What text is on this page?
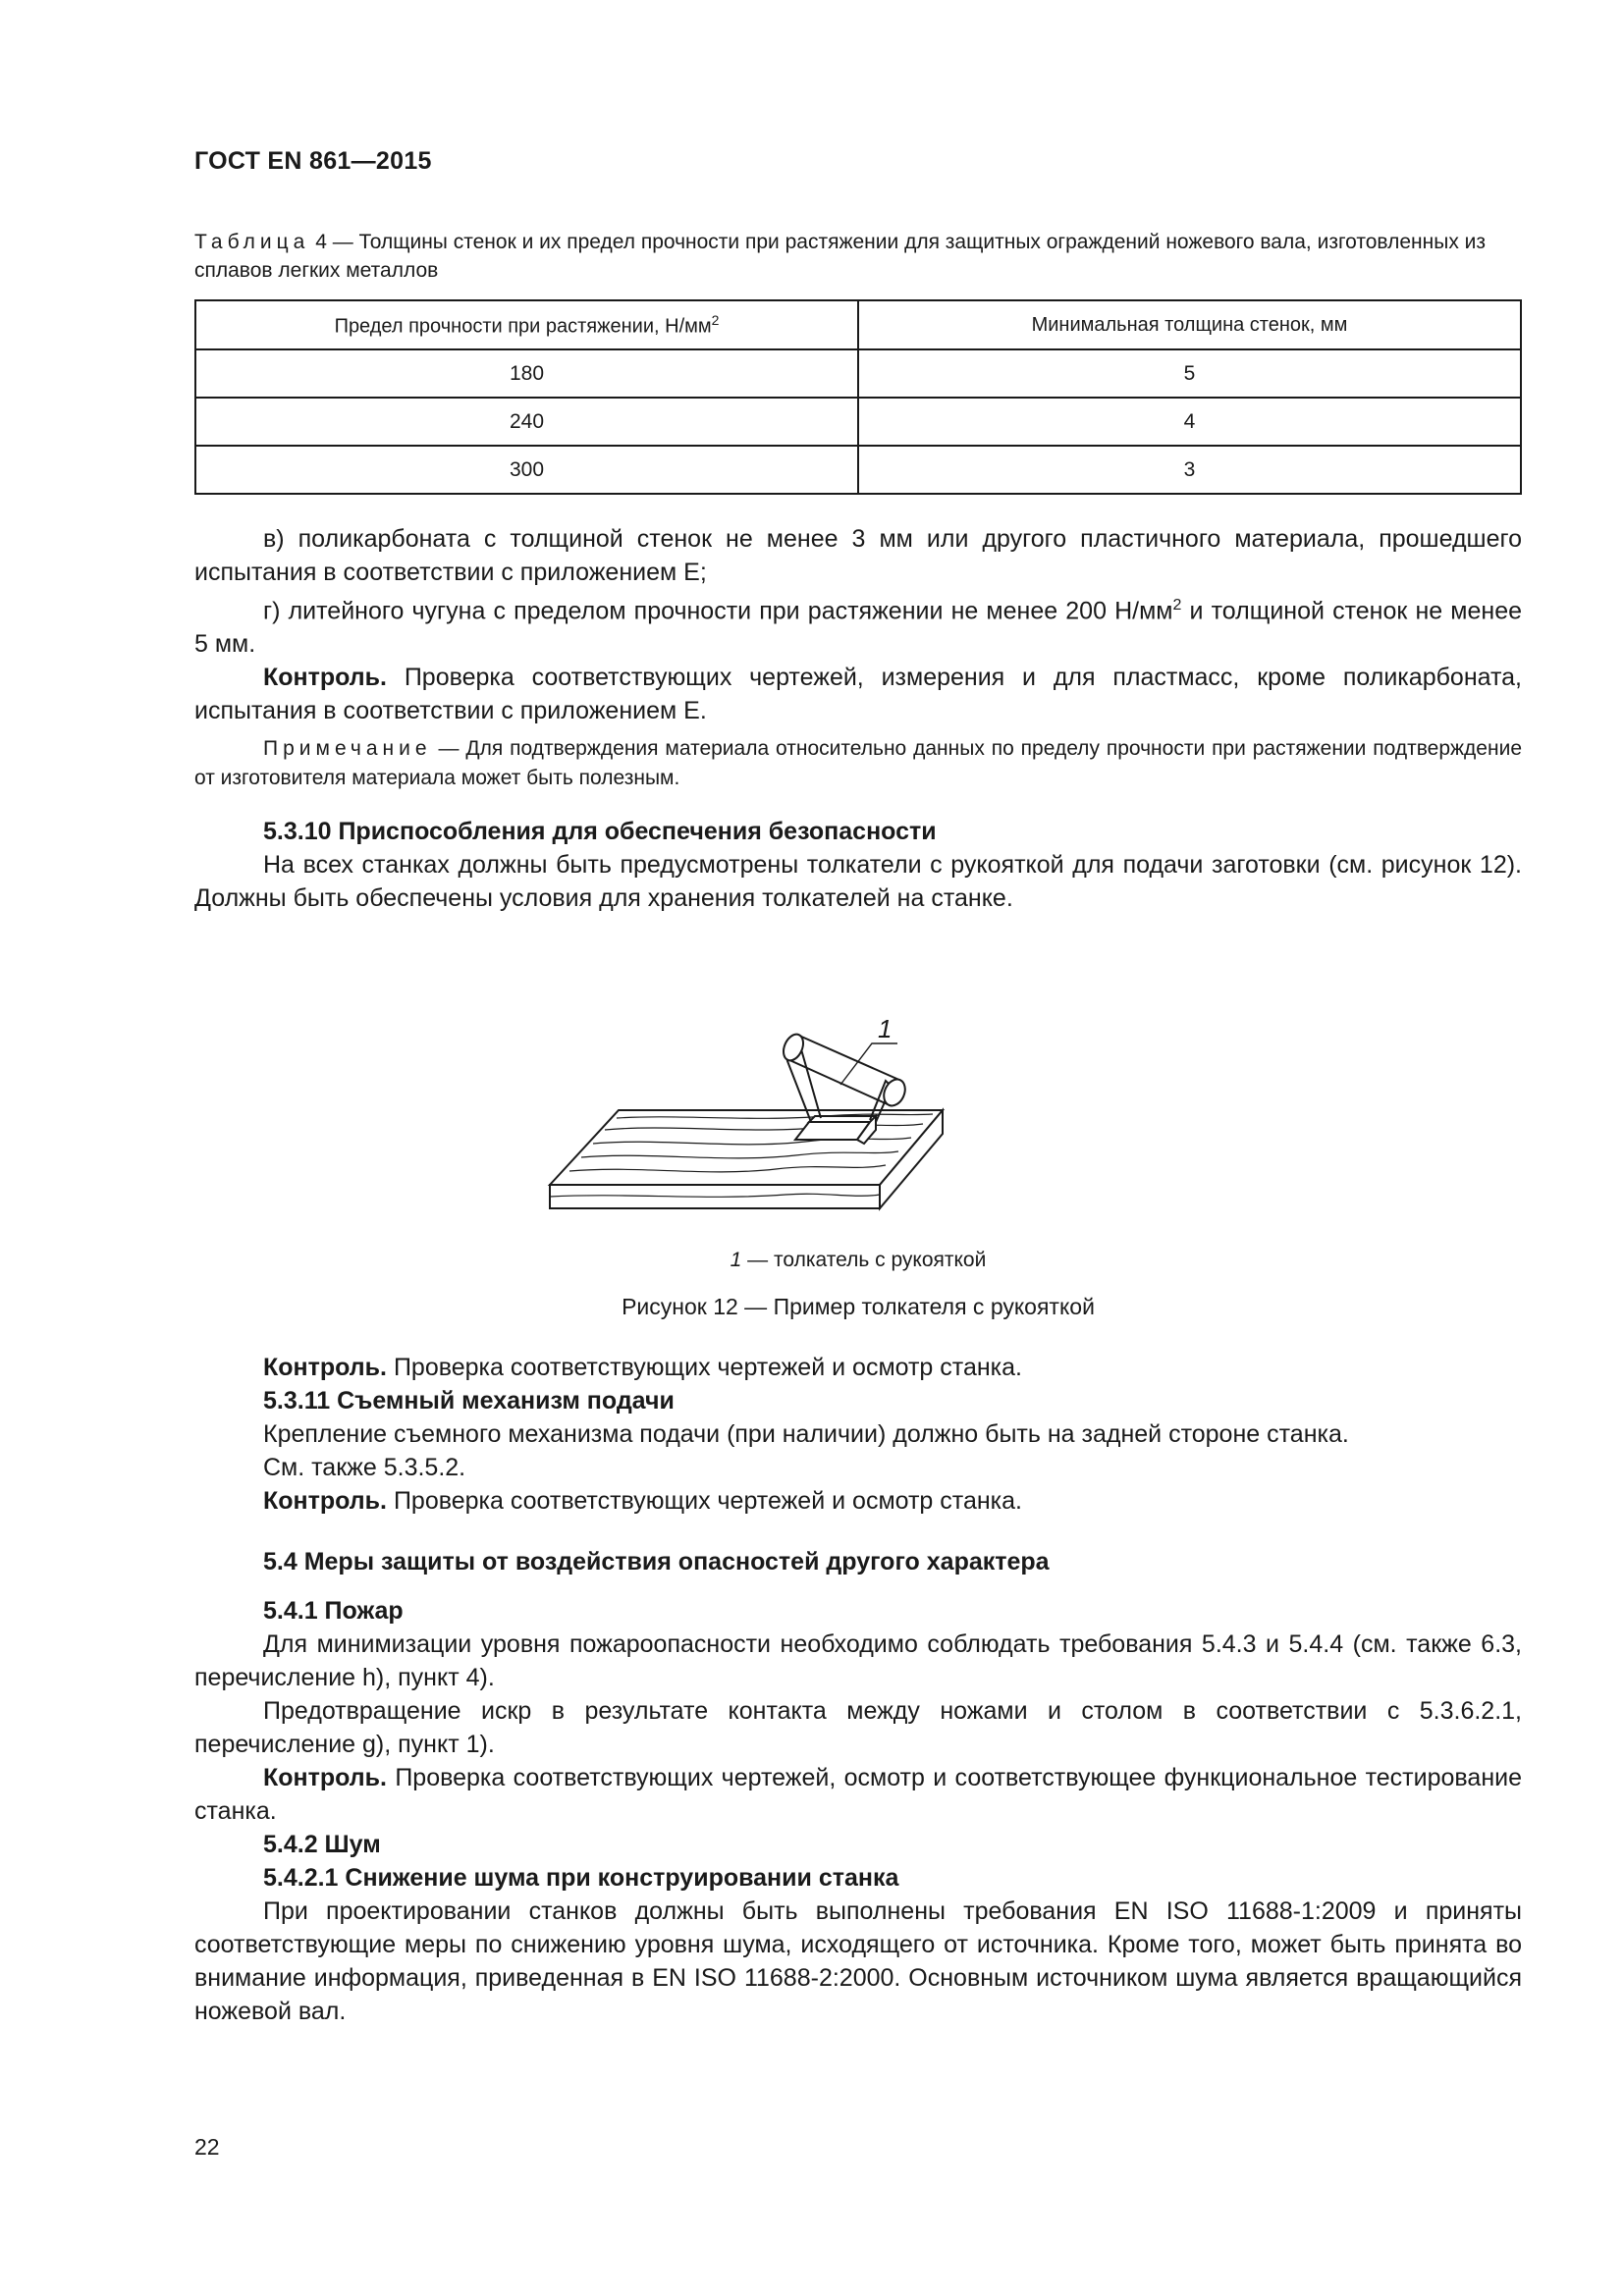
ГОСТ EN 861—2015
Таблица 4 — Толщины стенок и их предел прочности при растяжении для защитных ограждений ножевого вала, изготовленных из сплавов легких металлов
Предел прочности при растяжении, $Н/мм^2$	Минимальная толщина стенок, мм
180	5
240	4
300	3
в) поликарбоната с толщиной стенок не менее 3 мм или другого пластичного материала, прошедшего испытания в соответствии с приложением Е;
г) литейного чугуна с пределом прочности при растяжении не менее 200 $Н/мм^2$ и толщиной стенок не менее 5 мм.
Контроль. Проверка соответствующих чертежей, измерения и для пластмасс, кроме поликарбоната, испытания в соответствии с приложением Е.
Примечание — Для подтверждения материала относительно данных по пределу прочности при растяжении подтверждение от изготовителя материала может быть полезным.
5.3.10 Приспособления для обеспечения безопасности
На всех станках должны быть предусмотрены толкатели с рукояткой для подачи заготовки (см. рисунок 12). Должны быть обеспечены условия для хранения толкателей на станке.
1
1 — толкатель с рукояткой
Рисунок 12 — Пример толкателя с рукояткой
Контроль. Проверка соответствующих чертежей и осмотр станка.
5.3.11 Съемный механизм подачи
Крепление съемного механизма подачи (при наличии) должно быть на задней стороне станка.
См. также 5.3.5.2.
Контроль. Проверка соответствующих чертежей и осмотр станка.
5.4 Меры защиты от воздействия опасностей другого характера
5.4.1 Пожар
Для минимизации уровня пожароопасности необходимо соблюдать требования 5.4.3 и 5.4.4 (см. также 6.3, перечисление h), пункт 4).
Предотвращение искр в результате контакта между ножами и столом в соответствии с 5.3.6.2.1, перечисление g), пункт 1).
Контроль. Проверка соответствующих чертежей, осмотр и соответствующее функциональное тестирование станка.
5.4.2 Шум
5.4.2.1 Снижение шума при конструировании станка
При проектировании станков должны быть выполнены требования EN ISO 11688-1:2009 и приняты соответствующие меры по снижению уровня шума, исходящего от источника. Кроме того, может быть принята во внимание информация, приведенная в EN ISO 11688-2:2000. Основным источником шума является вращающийся ножевой вал.
22
